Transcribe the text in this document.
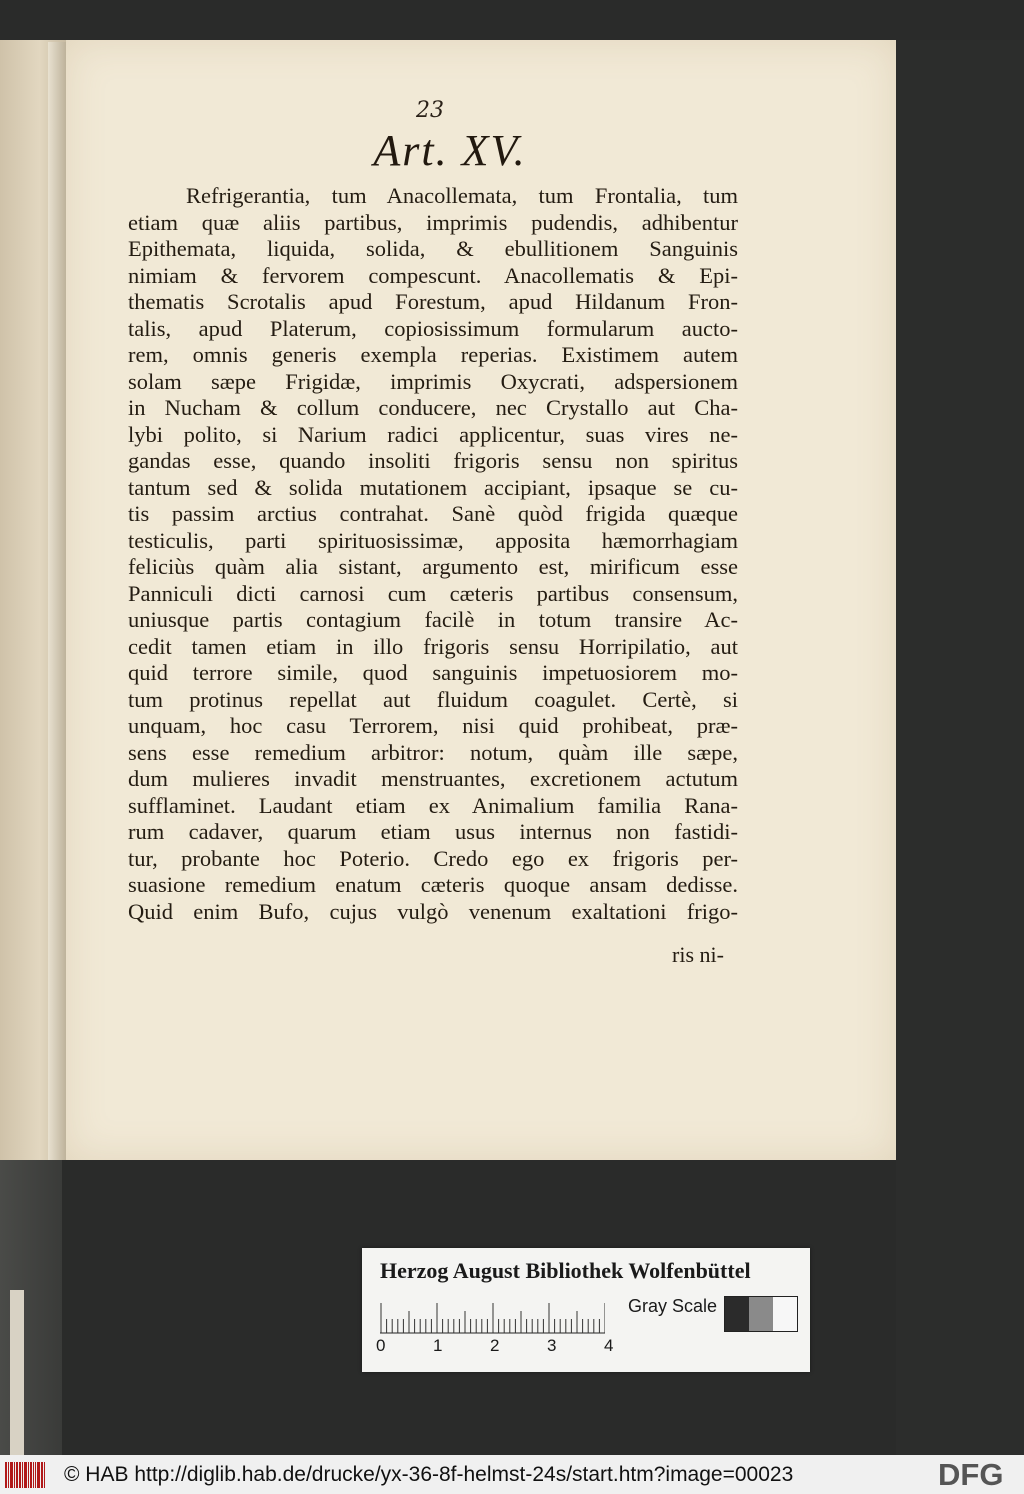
23
Art. XV.
Refrigerantia, tum Anacollemata, tum Frontalia, tum
etiam quæ aliis partibus, imprimis pudendis, adhibentur
Epithemata, liquida, solida, & ebullitionem Sanguinis
nimiam & fervorem compescunt. Anacollematis & Epi-
thematis Scrotalis apud Forestum, apud Hildanum Fron-
talis, apud Platerum, copiosissimum formularum aucto-
rem, omnis generis exempla reperias. Existimem autem
solam sæpe Frigidæ, imprimis Oxycrati, adspersionem
in Nucham & collum conducere, nec Crystallo aut Cha-
lybi polito, si Narium radici applicentur, suas vires ne-
gandas esse, quando insoliti frigoris sensu non spiritus
tantum sed & solida mutationem accipiant, ipsaque se cu-
tis passim arctius contrahat. Sanè quòd frigida quæque
testiculis, parti spirituosissimæ, apposita hæmorrhagiam
feliciùs quàm alia sistant, argumento est, mirificum esse
Panniculi dicti carnosi cum cæteris partibus consensum,
uniusque partis contagium facilè in totum transire Ac-
cedit tamen etiam in illo frigoris sensu Horripilatio, aut
quid terrore simile, quod sanguinis impetuosiorem mo-
tum protinus repellat aut fluidum coagulet. Certè, si
unquam, hoc casu Terrorem, nisi quid prohibeat, præ-
sens esse remedium arbitror: notum, quàm ille sæpe,
dum mulieres invadit menstruantes, excretionem actutum
sufflaminet. Laudant etiam ex Animalium familia Rana-
rum cadaver, quarum etiam usus internus non fastidi-
tur, probante hoc Poterio. Credo ego ex frigoris per-
suasione remedium enatum cæteris quoque ansam dedisse.
Quid enim Bufo, cujus vulgò venenum exaltationi frigo-
ris ni-
Herzog August Bibliothek Wolfenbüttel
0	1	2	3	4
Gray Scale
© HAB http://diglib.hab.de/drucke/yx-36-8f-helmst-24s/start.htm?image=00023	DFG
